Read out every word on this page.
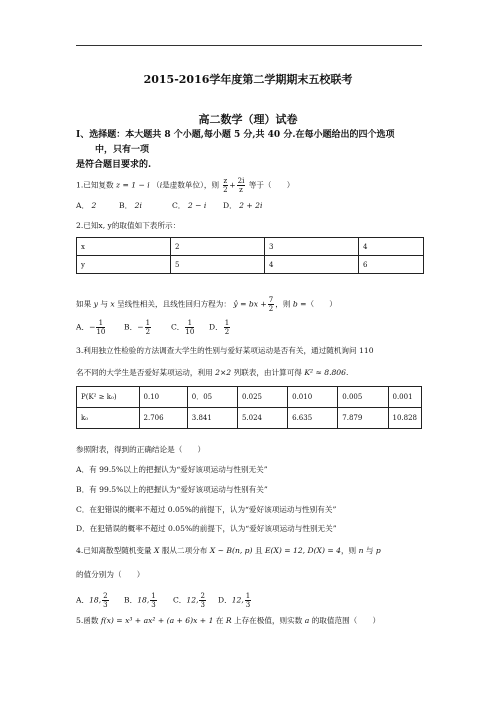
2015-2016学年度第二学期期末五校联考
高二数学（理）试卷
Ⅰ、选择题：本大题共 8 个小题,每小题 5 分,共 40 分.在每小题给出的四个选项
中，只有一项
是符合题目要求的.
1.已知复数 z = 1 − i （i是虚数单位），则 $\frac{z}{2} + \frac{2i}{z}$ 等于（　　）
A． 2	B． 2i	C． 2 − i D． 2 + 2i
2.已知x, y的取值如下表所示：
x	2	3	4
y	5	4	6
如果 y 与 x 呈线性相关，且线性回归方程为： ŷ = bx + $\frac{7}{2}$ ，则 b =（　　）
A．− $\frac{1}{10}$ B．− $\frac{1}{2}$	C． $\frac{1}{10}$ D． $\frac{1}{2}$
3.利用独立性检验的方法调查大学生的性别与爱好某项运动是否有关，通过随机询问 110
名不同的大学生是否爱好某项运动，利用 2×2 列联表，由计算可得 K² ≈ 8.806.
P(K² ≥ k₀)	0.10	0．05	0.025	0.010	0.005	0.001
k₀	2.706	3.841	5.024	6.635	7.879	10.828
参照附表，得到的正确结论是（　　）
A．有 99.5%以上的把握认为“爱好该项运动与性别无关”
B．有 99.5%以上的把握认为“爱好该项运动与性别有关”
C．在犯错误的概率不超过 0.05%的前提下，认为“爱好该项运动与性别有关”
D．在犯错误的概率不超过 0.05%的前提下，认为“爱好该项运动与性别无关”
4.已知离散型随机变量 X 服从二项分布 X ~ B(n, p) 且 E(X) = 12, D(X) = 4，则 n 与 p
的值分别为（　　）
A．18, $\frac{2}{3}$ B．18, $\frac{1}{3}$ C．12, $\frac{2}{3}$ D．12, $\frac{1}{3}$
5.函数 f(x) = x³ + ax² + (a + 6)x + 1 在 R 上存在极值，则实数 a 的取值范围（　　）
